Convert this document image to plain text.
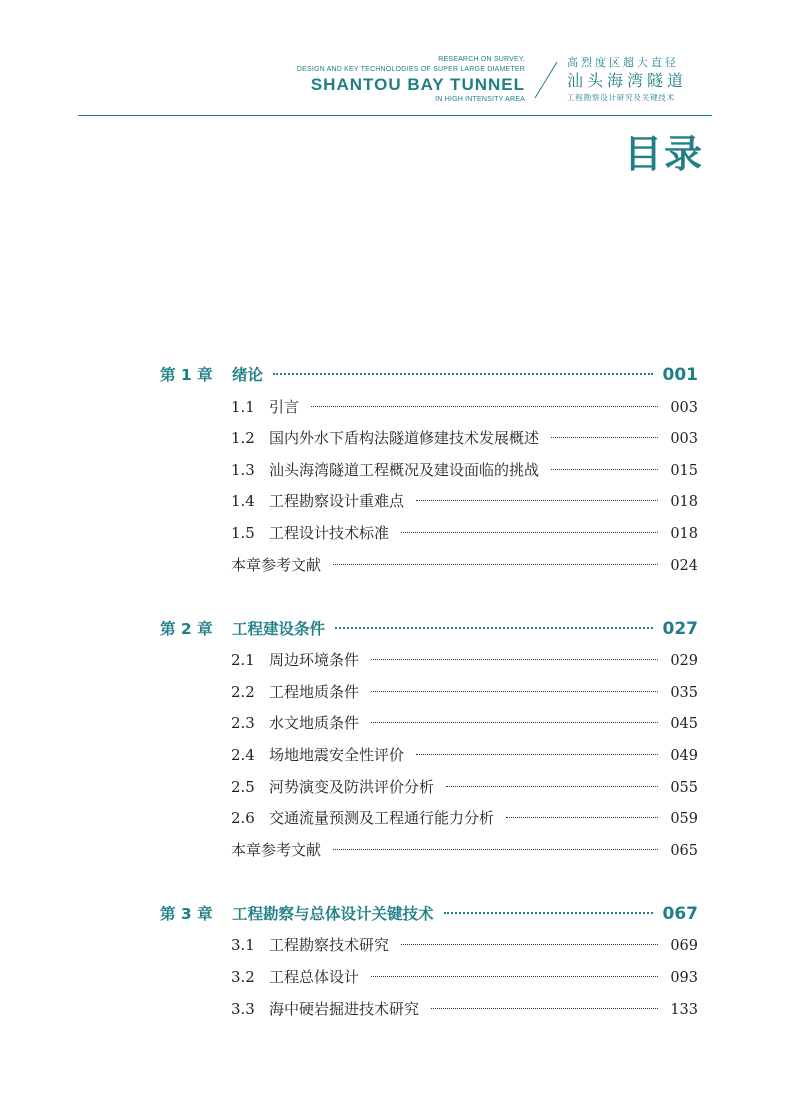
RESEARCH ON SURVEY,
DESIGN AND KEY TECHNOLOGIES OF SUPER LARGE DIAMETER
SHANTOU BAY TUNNEL
IN HIGH INTENSITY AREA
高烈度区超大直径
汕头海湾隧道
工程勘察设计研究及关键技术
目录
第 1 章	绪论	001
1.1 引言	003
1.2 国内外水下盾构法隧道修建技术发展概述	003
1.3 汕头海湾隧道工程概况及建设面临的挑战	015
1.4 工程勘察设计重难点	018
1.5 工程设计技术标准	018
本章参考文献	024
第 2 章	工程建设条件	027
2.1 周边环境条件	029
2.2 工程地质条件	035
2.3 水文地质条件	045
2.4 场地地震安全性评价	049
2.5 河势演变及防洪评价分析	055
2.6 交通流量预测及工程通行能力分析	059
本章参考文献	065
第 3 章	工程勘察与总体设计关键技术	067
3.1 工程勘察技术研究	069
3.2 工程总体设计	093
3.3 海中硬岩掘进技术研究	133
